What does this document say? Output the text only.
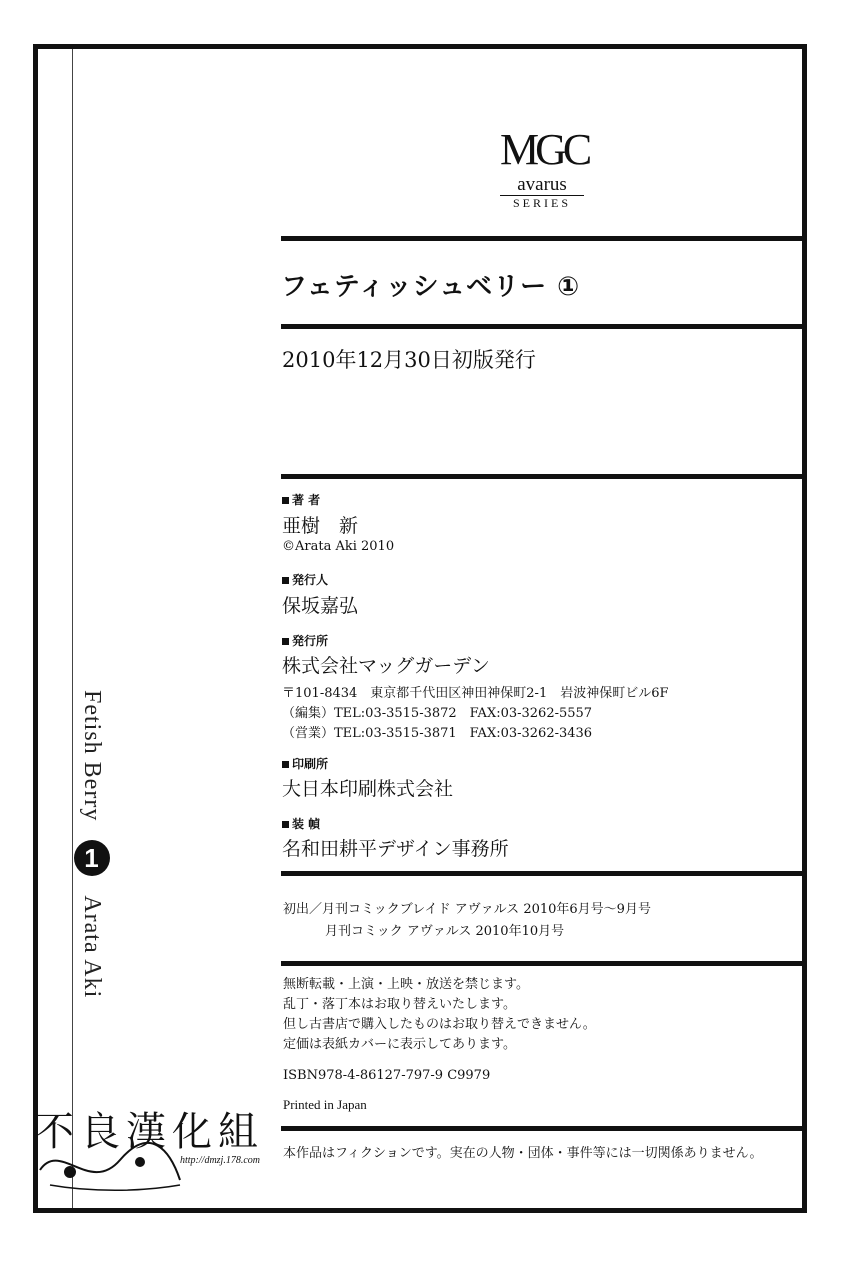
Fetish Berry 1 Arata Aki
MGC
avarus
SERIES
フェティッシュベリー ①
2010年12月30日初版発行
著 者
亜樹　新
©Arata Aki 2010
発行人
保坂嘉弘
発行所
株式会社マッグガーデン
〒101-8434　東京都千代田区神田神保町2-1　岩波神保町ビル6F
（編集）TEL:03-3515-3872　FAX:03-3262-5557
（営業）TEL:03-3515-3871　FAX:03-3262-3436
印刷所
大日本印刷株式会社
装 幀
名和田耕平デザイン事務所
初出／月刊コミックブレイド アヴァルス 2010年6月号～9月号
月刊コミック アヴァルス 2010年10月号
無断転載・上演・上映・放送を禁じます。
乱丁・落丁本はお取り替えいたします。
但し古書店で購入したものはお取り替えできません。
定価は表紙カバーに表示してあります。
ISBN978-4-86127-797-9 C9979
Printed in Japan
本作品はフィクションです。実在の人物・団体・事件等には一切関係ありません。
不良漢化組
http://dmzj.178.com
